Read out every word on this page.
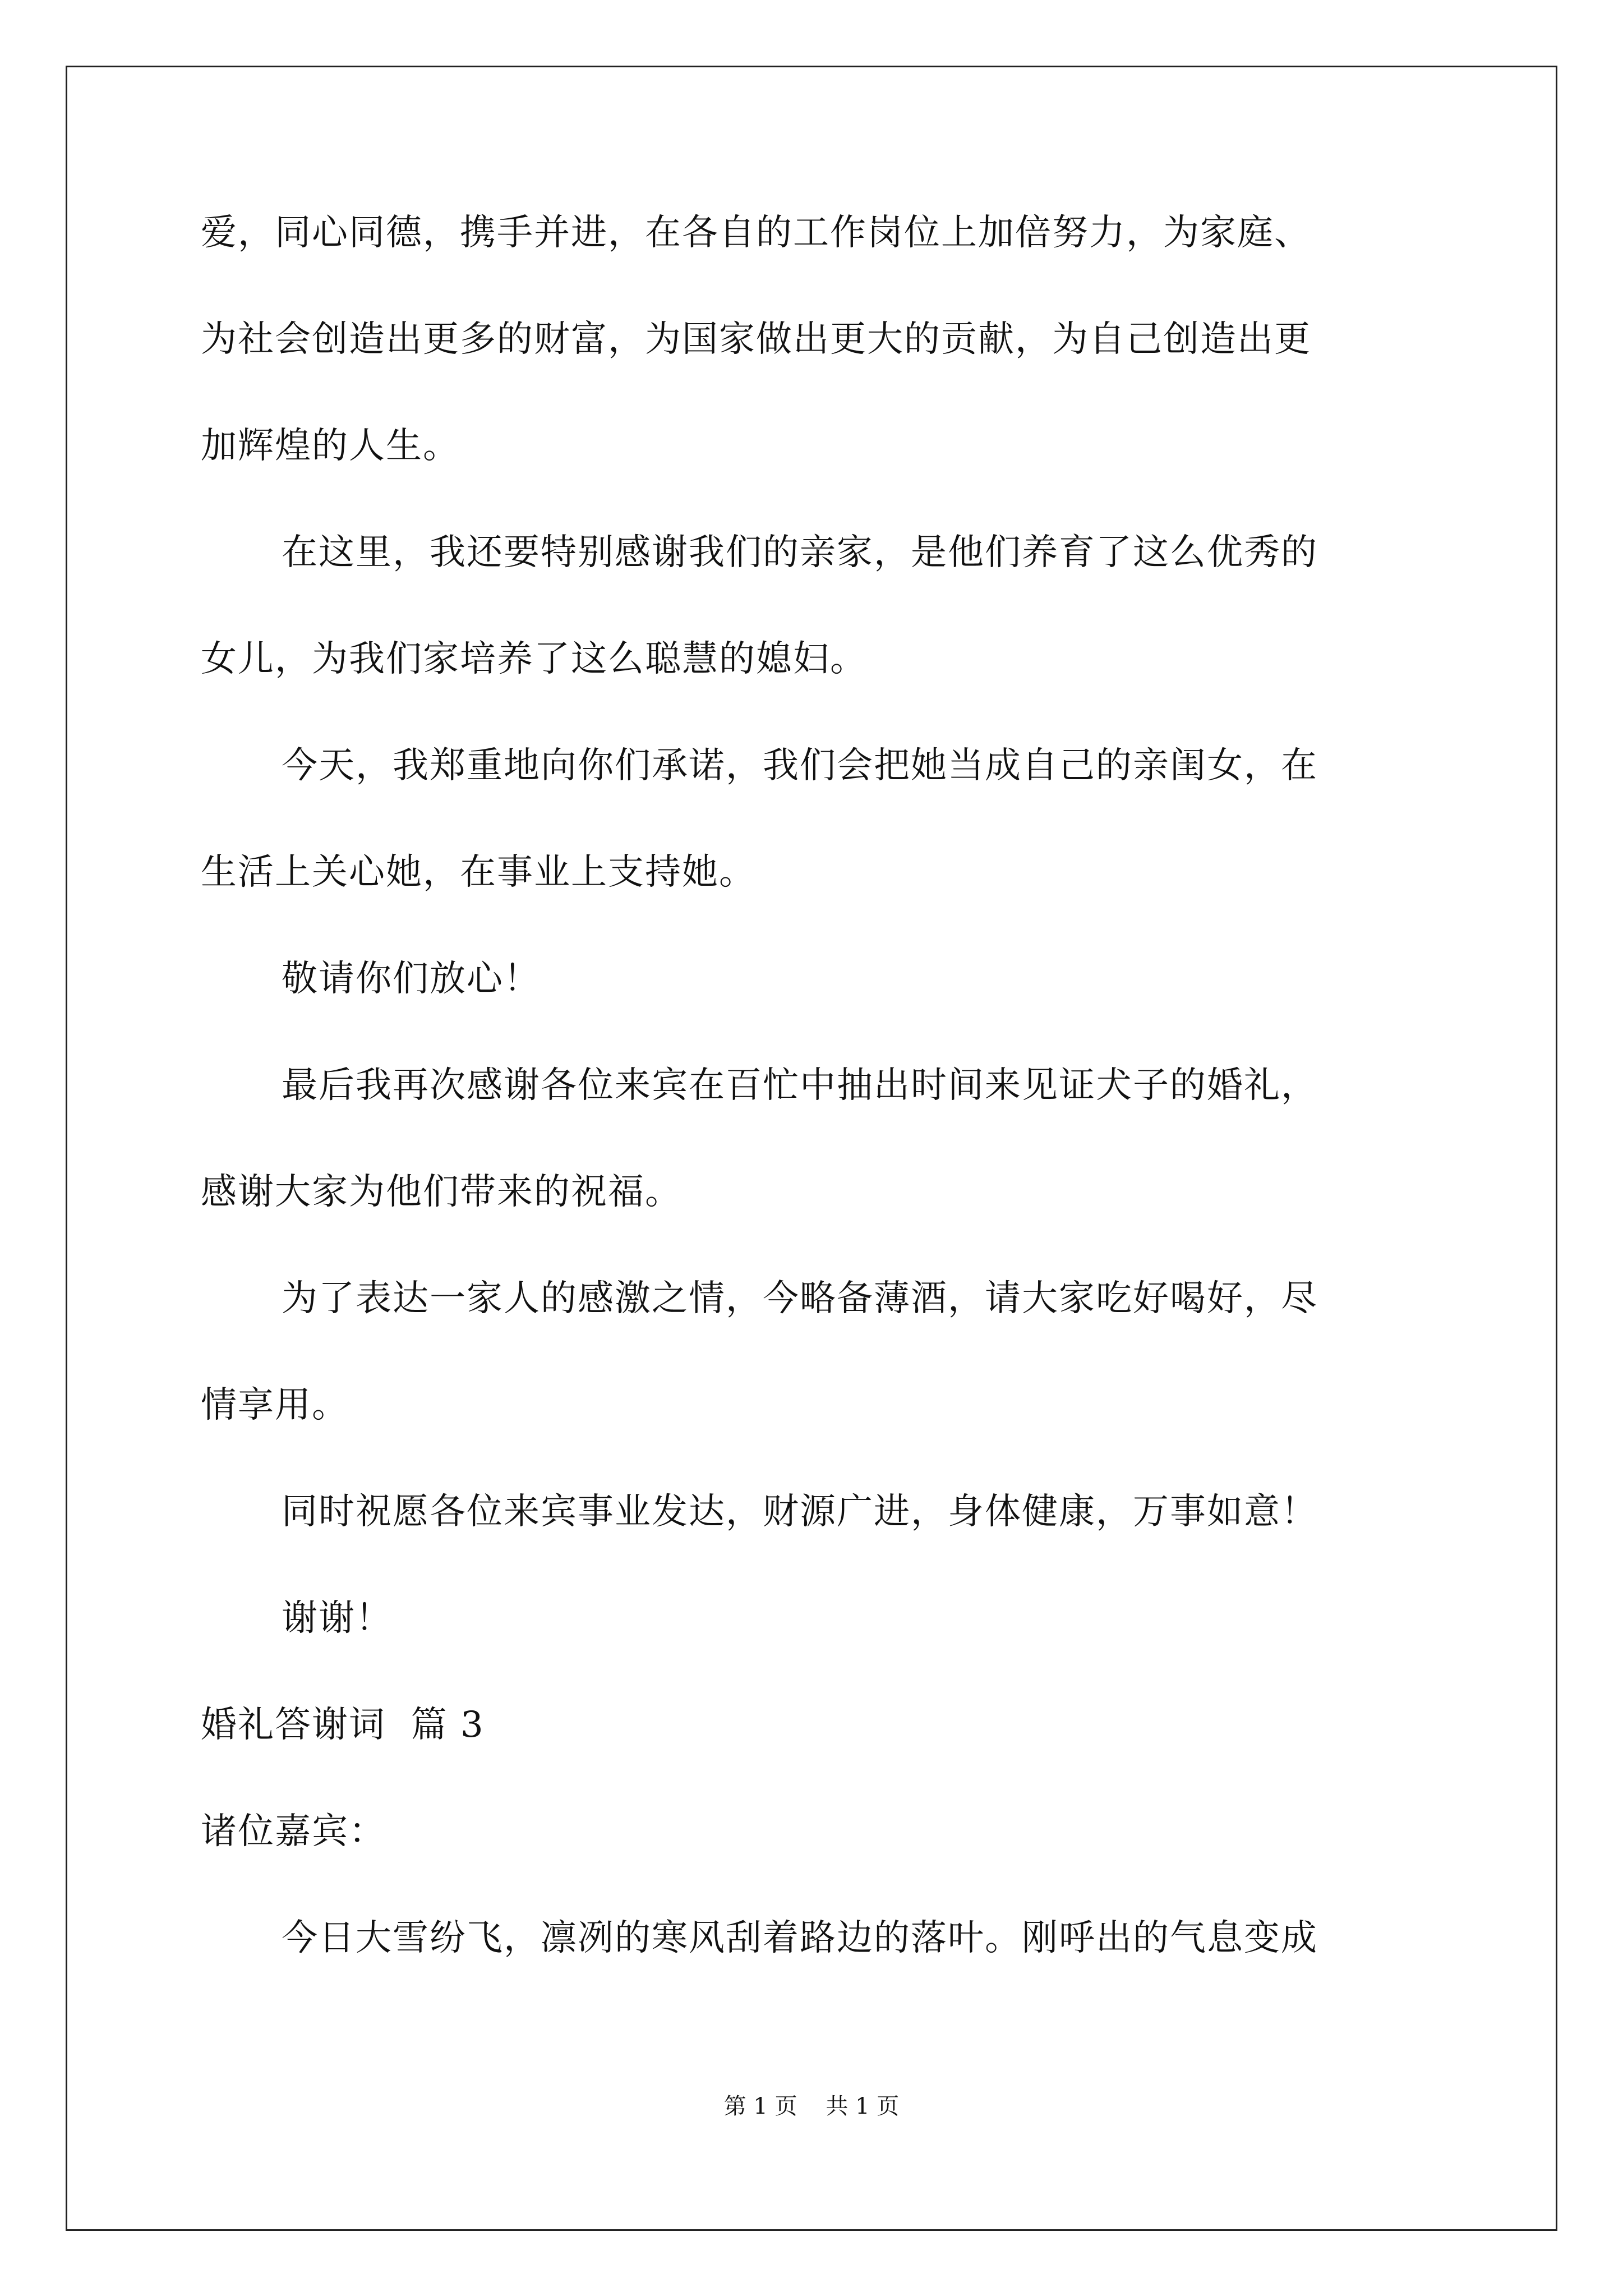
爱，同心同德，携手并进，在各自的工作岗位上加倍努力，为家庭、
为社会创造出更多的财富，为国家做出更大的贡献，为自己创造出更
加辉煌的人生。
在这里，我还要特别感谢我们的亲家，是他们养育了这么优秀的
女儿，为我们家培养了这么聪慧的媳妇。
今天，我郑重地向你们承诺，我们会把她当成自己的亲闺女，在
生活上关心她，在事业上支持她。
敬请你们放心！
最后我再次感谢各位来宾在百忙中抽出时间来见证犬子的婚礼，
感谢大家为他们带来的祝福。
为了表达一家人的感激之情，今略备薄酒，请大家吃好喝好，尽
情享用。
同时祝愿各位来宾事业发达，财源广进，身体健康，万事如意！
谢谢！
婚礼答谢词  篇 3
诸位嘉宾：
今日大雪纷飞，凛冽的寒风刮着路边的落叶。刚呼出的气息变成
第 1 页    共 1 页
